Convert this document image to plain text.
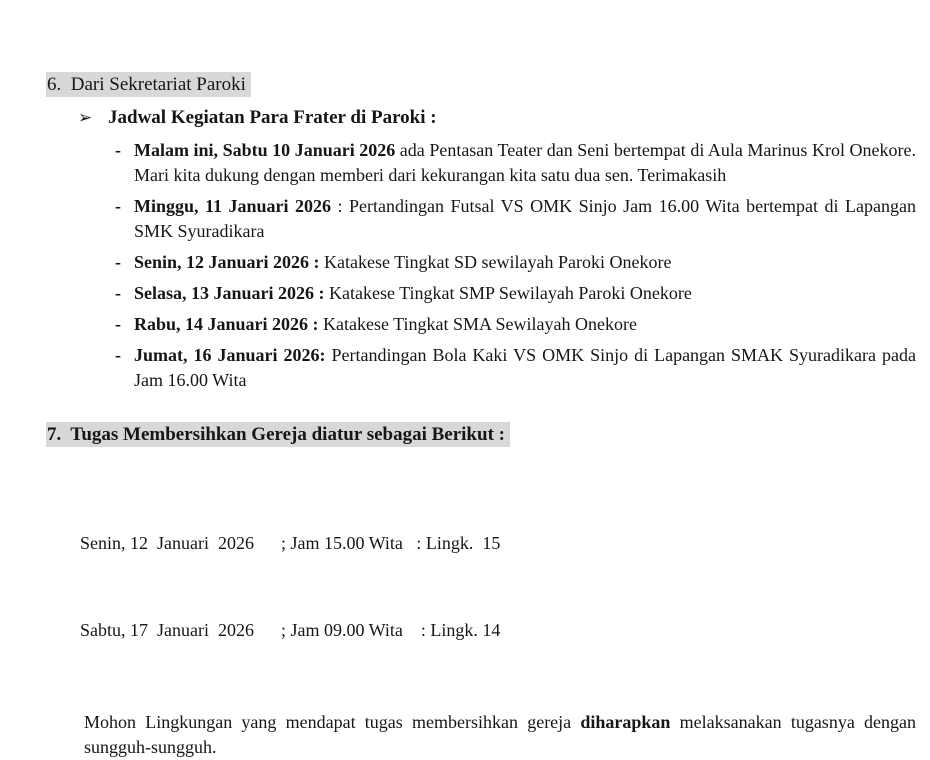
6.  Dari Sekretariat Paroki
➢ Jadwal Kegiatan Para Frater di Paroki :
- Malam ini, Sabtu 10 Januari 2026 ada Pentasan Teater dan Seni bertempat di Aula Marinus Krol Onekore. Mari kita dukung dengan memberi dari kekurangan kita satu dua sen. Terimakasih
- Minggu, 11 Januari 2026 : Pertandingan Futsal VS OMK Sinjo Jam 16.00 Wita bertempat di Lapangan SMK Syuradikara
- Senin, 12 Januari 2026 : Katakese Tingkat SD sewilayah Paroki Onekore
- Selasa, 13 Januari 2026 : Katakese Tingkat SMP Sewilayah Paroki Onekore
- Rabu, 14 Januari 2026 : Katakese Tingkat SMA Sewilayah Onekore
- Jumat, 16 Januari 2026: Pertandingan Bola Kaki VS OMK Sinjo di Lapangan SMAK Syuradikara pada Jam 16.00 Wita
7.  Tugas Membersihkan Gereja diatur sebagai Berikut :

Senin, 12  Januari  2026      ; Jam 15.00 Wita   : Lingk.  15

Sabtu, 17  Januari  2026      ; Jam 09.00 Wita    : Lingk. 14

Mohon Lingkungan yang mendapat tugas membersihkan gereja diharapkan melaksanakan tugasnya dengan sungguh-sungguh.
